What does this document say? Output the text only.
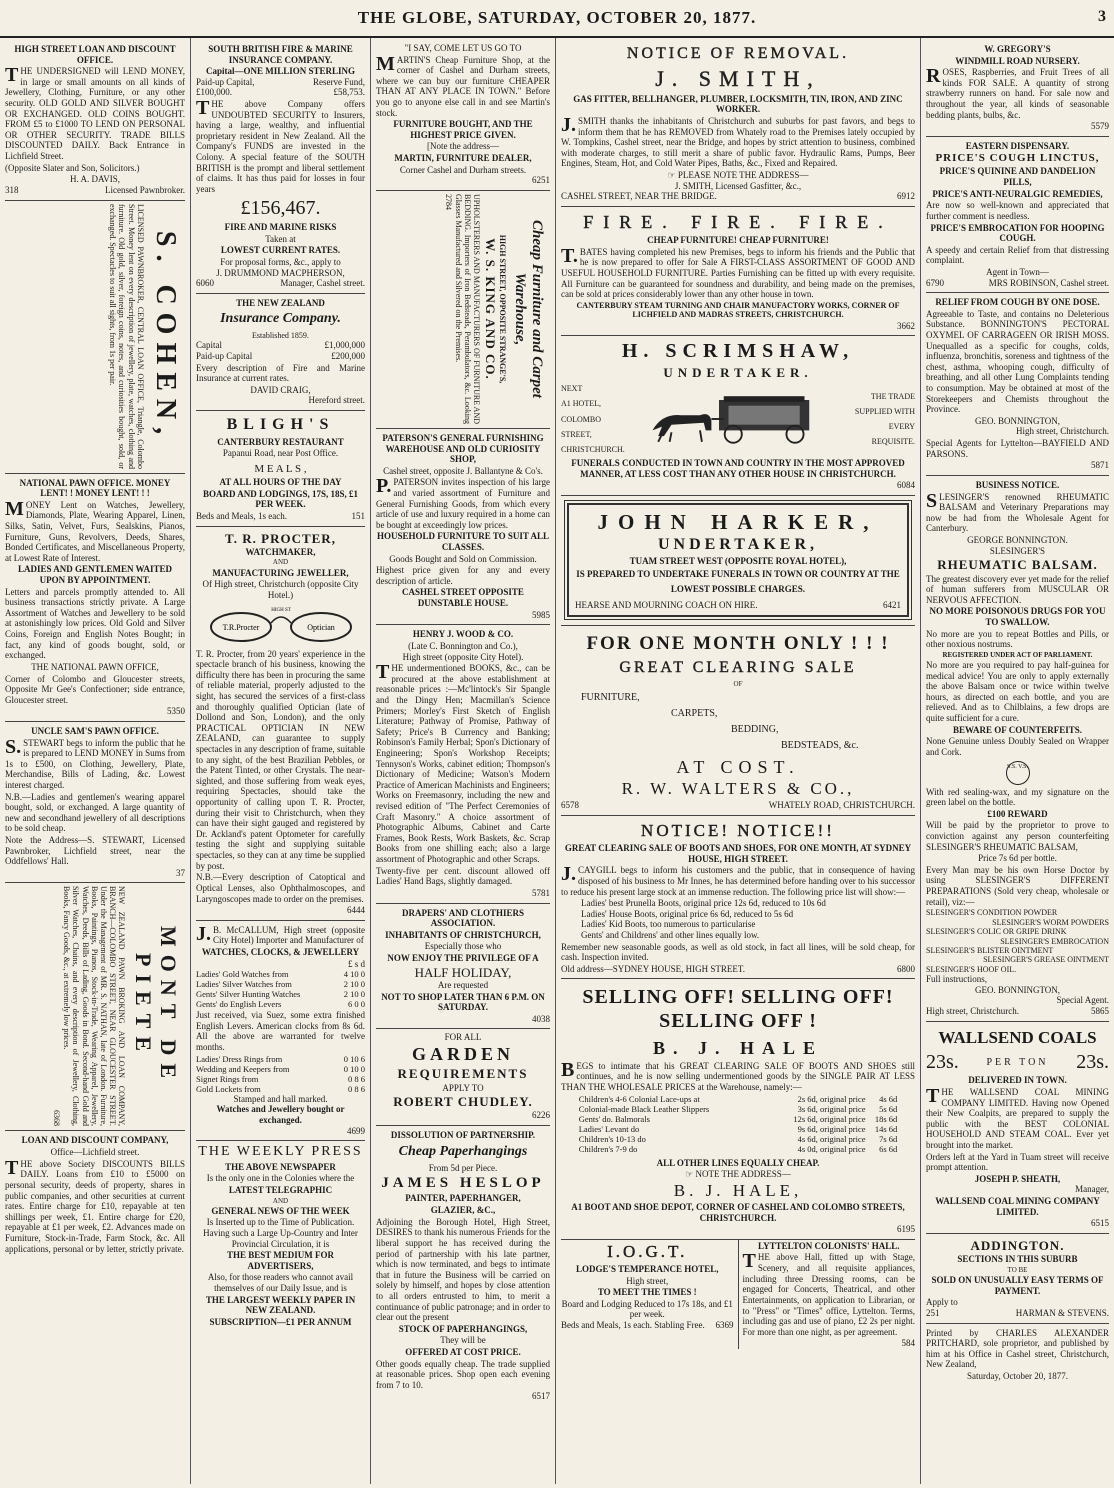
THE GLOBE, SATURDAY, OCTOBER 20, 1877.	3
HIGH STREET LOAN AND DISCOUNT OFFICE.

THE UNDERSIGNED will LEND MONEY, in large or small amounts on all kinds of Jewellery, Clothing, Furniture, or any other security. OLD GOLD AND SILVER BOUGHT OR EXCHANGED. OLD COINS BOUGHT. FROM £5 to £1000 TO LEND ON PERSONAL OR OTHER SECURITY. TRADE BILLS DISCOUNTED DAILY. Back Entrance in Lichfield Street.

(Opposite Slater and Son, Solicitors.)

H. A. DAVIS,
318	Licensed Pawnbroker.
S. COHEN,

LICENSED PAWNBROKER, CENTRAL LOAN OFFICE, Triangle, Colombo Street. Money lent on every description of jewellery, plate, watches, clothing and furniture. Old gold, silver, foreign coins, notes, and curiosities bought, sold, or exchanged. Spectacles to suit all sights, from 1s per pair.

NATIONAL PAWN OFFICE. MONEY LENT! ! MONEY LENT! ! !

MONEY Lent on Watches, Jewellery, Diamonds, Plate, Wearing Apparel, Linen, Silks, Satin, Velvet, Furs, Sealskins, Pianos, Furniture, Guns, Revolvers, Deeds, Shares, Bonded Certificates, and Miscellaneous Property, at Lowest Rate of Interest.

LADIES AND GENTLEMEN WAITED UPON BY APPOINTMENT.

Letters and parcels promptly attended to. All business transactions strictly private. A Large Assortment of Watches and Jewellery to be sold at astonishingly low prices. Old Gold and Silver Coins, Foreign and English Notes Bought; in fact, any kind of goods bought, sold, or exchanged.

THE NATIONAL PAWN OFFICE,

Corner of Colombo and Gloucester streets, Opposite Mr Gee's Confectioner; side entrance, Gloucester street.

5350
UNCLE SAM'S PAWN OFFICE.

S.STEWART begs to inform the public that he is prepared to LEND MONEY in Sums from 1s to £500, on Clothing, Jewellery, Plate, Merchandise, Bills of Lading, &c. Lowest interest charged.

N.B.—Ladies and gentlemen's wearing apparel bought, sold, or exchanged. A large quantity of new and secondhand jewellery of all descriptions to be sold cheap.

Note the Address—S. STEWART, Licensed Pawnbroker, Lichfield street, near the Oddfellows' Hall.

37
MONT DE PIETE

NEW ZEALAND PAWN BROKING AND LOAN COMPANY, BRANCH—COLOMBO STREET, NEAR GLOUCESTER STREET. Under the Management of MR. S. NATHAN, late of London. Furniture, Books, Paintings, Pianos, Stock-in-Trade, Wearing Apparel, Jewellery, Watches, Deeds, Bills of Lading, Goods in Bond. Second-hand Gold and Silver Watches, Chains, and every description of Jewellery, Clothing, Books, Fancy Goods, &c., at extremely low prices.

6368
LOAN AND DISCOUNT COMPANY,
Office—Lichfield street.

THE above Society DISCOUNTS BILLS DAILY. Loans from £10 to £5000 on personal security, deeds of property, shares in public companies, and other securities at current rates. Entire charge for £10, repayable at ten shillings per week, £1. Entire charge for £20, repayable at £1 per week, £2. Advances made on Furniture, Stock-in-Trade, Farm Stock, &c. All applications, personal or by letter, strictly private.

SOUTH BRITISH FIRE & MARINE INSURANCE COMPANY.
Capital—ONE MILLION STERLING
Paid-up Capital,	Reserve Fund,
£100,000.	£58,753.

THE above Company offers UNDOUBTED SECURITY to Insurers, having a large, wealthy, and influential proprietary resident in New Zealand. All the Company's FUNDS are invested in the Colony. A special feature of the SOUTH BRITISH is the prompt and liberal settlement of claims. It has thus paid for losses in four years

£156,467.
FIRE AND MARINE RISKS
Taken at
LOWEST CURRENT RATES.
For proposal forms, &c., apply to
J. DRUMMOND MACPHERSON,
6060	Manager, Cashel street.
THE NEW ZEALAND
Insurance Company.
Established 1859.
Capital	£1,000,000
Paid-up Capital	£200,000

Every description of Fire and Marine Insurance at current rates.

DAVID CRAIG,
Hereford street.
BLIGH'S
CANTERBURY RESTAURANT
Papanui Road, near Post Office.
M E A L S ,
AT ALL HOURS OF THE DAY
BOARD AND LODGINGS, 17S, 18S, £1 PER WEEK.
Beds and Meals, 1s each.	151
T. R. PROCTER,
WATCHMAKER,
AND
MANUFACTURING JEWELLER,
Of High street, Christchurch (opposite City Hotel.)
T.R.Procter	Optician
HIGH ST

T. R. Procter, from 20 years' experience in the spectacle branch of his business, knowing the difficulty there has been in procuring the same of reliable material, properly adjusted to the sight, has secured the services of a first-class and thoroughly qualified Optician (late of Dollond and Son, London), and the only PRACTICAL OPTICIAN IN NEW ZEALAND, can guarantee to supply spectacles in any description of frame, suitable to any sight, of the best Brazilian Pebbles, or the Patent Tinted, or other Crystals. The near-sighted, and those suffering from weak eyes, requiring Spectacles, should take the opportunity of calling upon T. R. Procter, during their visit to Christchurch, when they can have their sight gauged and registered by Dr. Ackland's patent Optometer for carefully testing the sight and supplying suitable spectacles, so they can at any time be supplied by post.

N.B.—Every description of Catoptical and Optical Lenses, also Ophthalmoscopes, and Laryngoscopes made to order on the premises.

6444

J.B. McCALLUM, High street (opposite City Hotel) Importer and Manufacturer of

WATCHES, CLOCKS, & JEWELLERY
£ s d
Ladies' Gold Watches from	4 10 0
Ladies' Silver Watches from	2 10 0
Gents' Silver Hunting Watches	2 10 0
Gents' do English Levers	6 0 0

Just received, via Suez, some extra finished English Levers. American clocks from 8s 6d. All the above are warranted for twelve months.

Ladies' Dress Rings from	0 10 6
Wedding and Keepers from	0 10 0
Signet Rings from	0 8 6
Gold Lockets from	0 8 6
Stamped and hall marked.
Watches and Jewellery bought or exchanged.
4699
THE WEEKLY PRESS
THE ABOVE NEWSPAPER
Is the only one in the Colonies where the
LATEST TELEGRAPHIC
AND
GENERAL NEWS OF THE WEEK
Is Inserted up to the Time of Publication.
Having such a Large Up-Country and Inter Provincial Circulation, it is
THE BEST MEDIUM FOR ADVERTISERS,
Also, for those readers who cannot avail themselves of our Daily Issue, and is
THE LARGEST WEEKLY PAPER IN NEW ZEALAND.
SUBSCRIPTION—£1 PER ANNUM
"I SAY, COME LET US GO TO

MARTIN'S Cheap Furniture Shop, at the corner of Cashel and Durham streets, where we can buy our furniture CHEAPER THAN AT ANY PLACE IN TOWN." Before you go to anyone else call in and see Martin's stock.

FURNITURE BOUGHT, AND THE HIGHEST PRICE GIVEN.
[Note the address—
MARTIN, FURNITURE DEALER,
Corner Cashel and Durham streets.
6251
Cheap Furniture and Carpet Warehouse,
HIGH STREET, OPPOSITE STRANGE'S,
W. S. KING AND CO.

UPHOLSTERERS AND MANUFACTURERS OF FURNITURE AND BEDDING. Importers of Iron Bedsteads, Perambulators, &c. Looking Glasses Manufactured and Silvered on the Premises.

2784
PATERSON'S GENERAL FURNISHING WAREHOUSE AND OLD CURIOSITY SHOP,
Cashel street, opposite J. Ballantyne & Co's.

P.PATERSON invites inspection of his large and varied assortment of Furniture and General Furnishing Goods, from which every article of use and luxury required in a home can be bought at exceedingly low prices.

HOUSEHOLD FURNITURE TO SUIT ALL CLASSES.
Goods Bought and Sold on Commission.

Highest price given for any and every description of article.

CASHEL STREET OPPOSITE DUNSTABLE HOUSE.
5985
HENRY J. WOOD & CO.
(Late C. Bonnington and Co.),
High street (opposite City Hotel).

THE undermentioned BOOKS, &c., can be procured at the above establishment at reasonable prices :—Mc'lintock's Sir Spangle and the Dingy Hen; Macmillan's Science Primers; Morley's First Sketch of English Literature; Pathway of Promise, Pathway of Safety; Price's B Currency and Banking; Robinson's Family Herbal; Spon's Dictionary of Engineering; Spon's Workshop Receipts; Tennyson's Works, cabinet edition; Thompson's Dictionary of Medicine; Watson's Modern Practice of American Machinists and Engineers; Works on Freemasonry, including the new and revised edition of "The Perfect Ceremonies of Craft Masonry." A choice assortment of Photographic Albums, Cabinet and Carte Frames, Book Rests, Work Baskets, &c. Scrap Books from one shilling each; also a large assortment of Photographic and other Scraps.

Twenty-five per cent. discount allowed off Ladies' Hand Bags, slightly damaged.

5781
DRAPERS' AND CLOTHIERS ASSOCIATION.
INHABITANTS OF CHRISTCHURCH,
Especially those who
NOW ENJOY THE PRIVILEGE OF A
HALF HOLIDAY,
Are requested
NOT TO SHOP LATER THAN 6 P.M. ON SATURDAY.
4038
FOR ALL
GARDEN
REQUIREMENTS
APPLY TO
ROBERT CHUDLEY.
6226
DISSOLUTION OF PARTNERSHIP.
Cheap Paperhangings
From 5d per Piece.
JAMES HESLOP
PAINTER, PAPERHANGER,
GLAZIER, &C.,

Adjoining the Borough Hotel, High Street, DESIRES to thank his numerous Friends for the liberal support he has received during the period of partnership with his late partner, which is now terminated, and begs to intimate that in future the Business will be carried on solely by himself, and hopes by close attention to all orders entrusted to him, to merit a continuance of public patronage; and in order to clear out the present

STOCK OF PAPERHANGINGS,
They will be
OFFERED AT COST PRICE.

Other goods equally cheap. The trade supplied at reasonable prices. Shop open each evening from 7 to 10.

6517
NOTICE OF REMOVAL.
J. SMITH,
GAS FITTER, BELLHANGER, PLUMBER, LOCKSMITH, TIN, IRON, AND ZINC WORKER.

J.SMITH thanks the inhabitants of Christchurch and suburbs for past favors, and begs to inform them that he has REMOVED from Whately road to the Premises lately occupied by W. Tompkins, Cashel street, near the Bridge, and hopes by strict attention to business, combined with moderate charges, to still merit a share of public favor. Hydraulic Rams, Pumps, Beer Engines, Steam, Hot, and Cold Water Pipes, Baths, &c., Fixed and Repaired.

☞ PLEASE NOTE THE ADDRESS—
J. SMITH, Licensed Gasfitter, &c.,
CASHEL STREET, NEAR THE BRIDGE.	6912
FIRE. FIRE. FIRE.
CHEAP FURNITURE! CHEAP FURNITURE!

T.BATES having completed his new Premises, begs to inform his friends and the Public that he is now prepared to offer for Sale A FIRST-CLASS ASSORTMENT OF GOOD AND USEFUL HOUSEHOLD FURNITURE. Parties Furnishing can be fitted up with every requisite. All Furniture can be guaranteed for soundness and durability, and being made on the premises, can be sold at prices considerably lower than any other house in town.

CANTERBURY STEAM TURNING AND CHAIR MANUFACTORY WORKS, CORNER OF LICHFIELD AND MADRAS STREETS, CHRISTCHURCH.
3662
H. SCRIMSHAW,
UNDERTAKER.
NEXT
A1 HOTEL,
COLOMBO STREET,
CHRISTCHURCH.
THE TRADE
SUPPLIED WITH
EVERY
REQUISITE.
FUNERALS CONDUCTED IN TOWN AND COUNTRY IN THE MOST APPROVED MANNER, AT LESS COST THAN ANY OTHER HOUSE IN CHRISTCHURCH.
6084
JOHN HARKER,
UNDERTAKER,
TUAM STREET WEST (OPPOSITE ROYAL HOTEL),
IS PREPARED TO UNDERTAKE FUNERALS IN TOWN OR COUNTRY AT THE LOWEST POSSIBLE CHARGES.
HEARSE AND MOURNING COACH ON HIRE.	6421
FOR ONE MONTH ONLY ! ! !
GREAT CLEARING SALE
OF
FURNITURE,
CARPETS,
BEDDING,
BEDSTEADS, &c.
AT COST.
R. W. WALTERS & CO.,
6578	WHATELY ROAD, CHRISTCHURCH.
NOTICE! NOTICE!!
GREAT CLEARING SALE OF BOOTS AND SHOES, FOR ONE MONTH, AT SYDNEY HOUSE, HIGH STREET.

J.CAYGILL begs to inform his customers and the public, that in consequence of having disposed of his business to Mr Innes, he has determined before handing over to his successor to reduce his present large stock at an immense reduction. The following price list will show:—

Ladies' best Prunella Boots, original price 12s 6d, reduced to 10s 6d
Ladies' House Boots, original price 6s 6d, reduced to 5s 6d
Ladies' Kid Boots, too numerous to particularise
Gents' and Childrens' and other lines equally low.

Remember new seasonable goods, as well as old stock, in fact all lines, will be sold cheap, for cash. Inspection invited.

Old address—SYDNEY HOUSE, HIGH STREET.	6800
SELLING OFF! SELLING OFF! SELLING OFF !
B. J. HALE

BEGS to intimate that his GREAT CLEARING SALE OF BOOTS AND SHOES still continues, and he is now selling undermentioned goods by the SINGLE PAIR AT LESS THAN THE WHOLESALE PRICES at the Warehouse, namely:—

Children's 4-6 Colonial Lace-ups at	2s 6d, original price	4s 6d
Colonial-made Black Leather Slippers	3s 6d, original price	5s 6d
Gents' do. Balmorals	12s 6d, original price	18s 6d
Ladies' Levant do	9s 6d, original price	14s 6d
Children's 10-13 do	4s 6d, original price	7s 6d
Children's 7-9 do	4s 0d, original price	6s 6d
ALL OTHER LINES EQUALLY CHEAP.
☞ NOTE THE ADDRESS—
B. J. HALE,
A1 BOOT AND SHOE DEPOT, CORNER OF CASHEL AND COLOMBO STREETS, CHRISTCHURCH.
6195
I.O.G.T.
LODGE'S TEMPERANCE HOTEL,
High street,
TO MEET THE TIMES !
Board and Lodging Reduced to 17s 18s, and £1 per week.
Beds and Meals, 1s each. Stabling Free. 6369
LYTTELTON COLONISTS' HALL.

THE above Hall, fitted up with Stage, Scenery, and all requisite appliances, including three Dressing rooms, can be engaged for Concerts, Theatrical, and other Entertainments, on application to Librarian, or to "Press" or "Times" office, Lyttelton. Terms, including gas and use of piano, £2 2s per night. For more than one night, as per agreement.

584
W. GREGORY'S
WINDMILL ROAD NURSERY.

ROSES, Raspberries, and Fruit Trees of all kinds FOR SALE. A quantity of strong strawberry runners on hand. For sale now and throughout the year, all kinds of seasonable bedding plants, bulbs, &c.

5579
EASTERN DISPENSARY.
PRICE'S COUGH LINCTUS,
PRICE'S QUININE AND DANDELION PILLS,
PRICE'S ANTI-NEURALGIC REMEDIES,

Are now so well-known and appreciated that further comment is needless.

PRICE'S EMBROCATION FOR HOOPING COUGH.

A speedy and certain Relief from that distressing complaint.

Agent in Town—
6790	MRS ROBINSON, Cashel street.
RELIEF FROM COUGH BY ONE DOSE.

Agreeable to Taste, and contains no Deleterious Substance. BONNINGTON'S PECTORAL OXYMEL OF CARRAGEEN OR IRISH MOSS. Unequalled as a specific for coughs, colds, influenza, bronchitis, soreness and tightness of the chest, asthma, whooping cough, difficulty of breathing, and all other Lung Complaints tending to consumption. May be obtained at most of the Storekeepers and Chemists throughout the Province.

GEO. BONNINGTON,
High street, Christchurch.

Special Agents for Lyttelton—BAYFIELD AND PARSONS.

5871
BUSINESS NOTICE.

SLESINGER'S renowned RHEUMATIC BALSAM and Veterinary Preparations may now be had from the Wholesale Agent for Canterbury.

GEORGE BONNINGTON.
SLESINGER'S
RHEUMATIC BALSAM.

The greatest discovery ever yet made for the relief of human sufferers from MUSCULAR OR NERVOUS AFFECTION.

NO MORE POISONOUS DRUGS FOR YOU TO SWALLOW.

No more are you to repeat Bottles and Pills, or other noxious nostrums.

REGISTERED UNDER ACT OF PARLIAMENT.

No more are you required to pay half-guinea for medical advice! You are only to apply externally the above Balsam once or twice within twelve hours, as directed on each bottle, and you are relieved. And as to Chilblains, a few drops are quite sufficient for a cure.

BEWARE OF COUNTERFEITS.

None Genuine unless Doubly Sealed on Wrapper and Cork.

S.S. V.S.

With red sealing-wax, and my signature on the green label on the bottle.

£100 REWARD

Will be paid by the proprietor to prove to conviction against any person counterfeiting SLESINGER'S RHEUMATIC BALSAM,

Price 7s 6d per bottle.

Every Man may be his own Horse Doctor by using SLESINGER'S DIFFERENT PREPARATIONS (Sold very cheap, wholesale or retail), viz:—

SLESINGER'S CONDITION POWDER
SLESINGER'S WORM POWDERS
SLESINGER'S COLIC OR GRIPE DRINK
SLESINGER'S EMBROCATION
SLESINGER'S BLISTER OINTMENT
SLESINGER'S GREASE OINTMENT
SLESINGER'S HOOF OIL.
Full instructions,
GEO. BONNINGTON,
Special Agent.
High street, Christchurch.	5865
WALLSEND COALS
23s.	PER TON 23s.
DELIVERED IN TOWN.

THE WALLSEND COAL MINING COMPANY LIMITED. Having now Opened their New Coalpits, are prepared to supply the public with the BEST COLONIAL HOUSEHOLD AND STEAM COAL. Ever yet brought into the market.

Orders left at the Yard in Tuam street will receive prompt attention.

JOSEPH P. SHEATH,
Manager,
WALLSEND COAL MINING COMPANY LIMITED.
6515
ADDINGTON.
SECTIONS IN THIS SUBURB
TO BE
SOLD ON UNUSUALLY EASY TERMS OF PAYMENT.
Apply to
251	HARMAN & STEVENS.

Printed by CHARLES ALEXANDER PRITCHARD, sole proprietor, and published by him at his Office in Cashel street, Christchurch, New Zealand,

Saturday, October 20, 1877.
